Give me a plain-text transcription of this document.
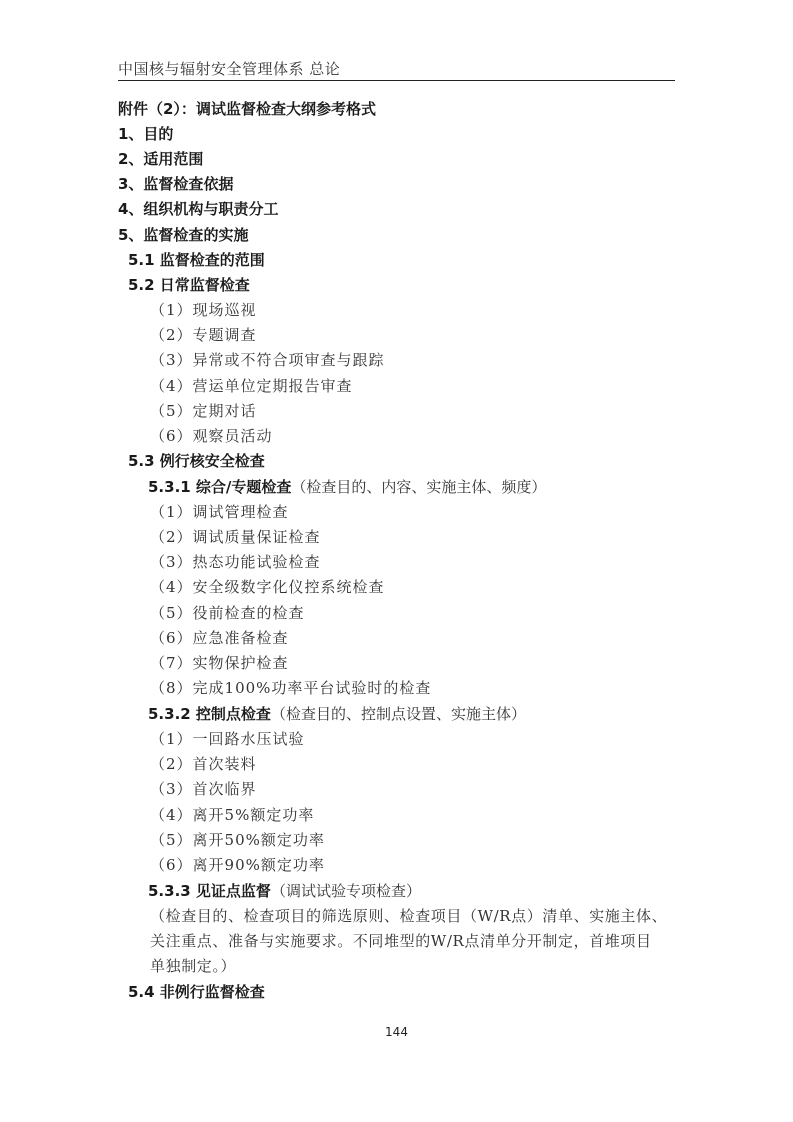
中国核与辐射安全管理体系 总论
附件（2）：调试监督检查大纲参考格式
1、目的
2、适用范围
3、监督检查依据
4、组织机构与职责分工
5、监督检查的实施
5.1 监督检查的范围
5.2 日常监督检查
（1）现场巡视
（2）专题调查
（3）异常或不符合项审查与跟踪
（4）营运单位定期报告审查
（5）定期对话
（6）观察员活动
5.3 例行核安全检查
5.3.1 综合/专题检查（检查目的、内容、实施主体、频度）
（1）调试管理检查
（2）调试质量保证检查
（3）热态功能试验检查
（4）安全级数字化仪控系统检查
（5）役前检查的检查
（6）应急准备检查
（7）实物保护检查
（8）完成100%功率平台试验时的检查
5.3.2 控制点检查（检查目的、控制点设置、实施主体）
（1）一回路水压试验
（2）首次装料
（3）首次临界
（4）离开5%额定功率
（5）离开50%额定功率
（6）离开90%额定功率
5.3.3 见证点监督（调试试验专项检查）
（检查目的、检查项目的筛选原则、检查项目（W/R点）清单、实施主体、
关注重点、准备与实施要求。不同堆型的W/R点清单分开制定，首堆项目
单独制定。）
5.4 非例行监督检查
144
